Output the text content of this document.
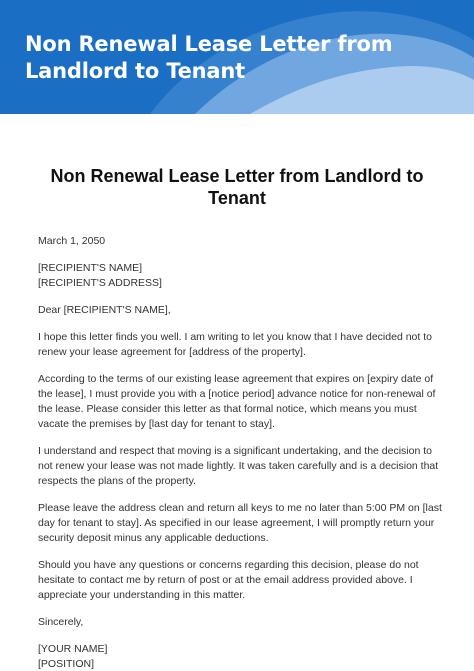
Non Renewal Lease Letter from Landlord to Tenant
Non Renewal Lease Letter from Landlord to Tenant

March 1, 2050

[RECIPIENT'S NAME]

[RECIPIENT'S ADDRESS]

Dear [RECIPIENT'S NAME],

I hope this letter finds you well. I am writing to let you know that I have decided not to renew your lease agreement for [address of the property].

According to the terms of our existing lease agreement that expires on [expiry date of the lease], I must provide you with a [notice period] advance notice for non-renewal of the lease. Please consider this letter as that formal notice, which means you must vacate the premises by [last day for tenant to stay].

I understand and respect that moving is a significant undertaking, and the decision to not renew your lease was not made lightly. It was taken carefully and is a decision that respects the plans of the property.

Please leave the address clean and return all keys to me no later than 5:00 PM on [last day for tenant to stay]. As specified in our lease agreement, I will promptly return your security deposit minus any applicable deductions.

Should you have any questions or concerns regarding this decision, please do not hesitate to contact me by return of post or at the email address provided above. I appreciate your understanding in this matter.

Sincerely,

[YOUR NAME]

[POSITION]
